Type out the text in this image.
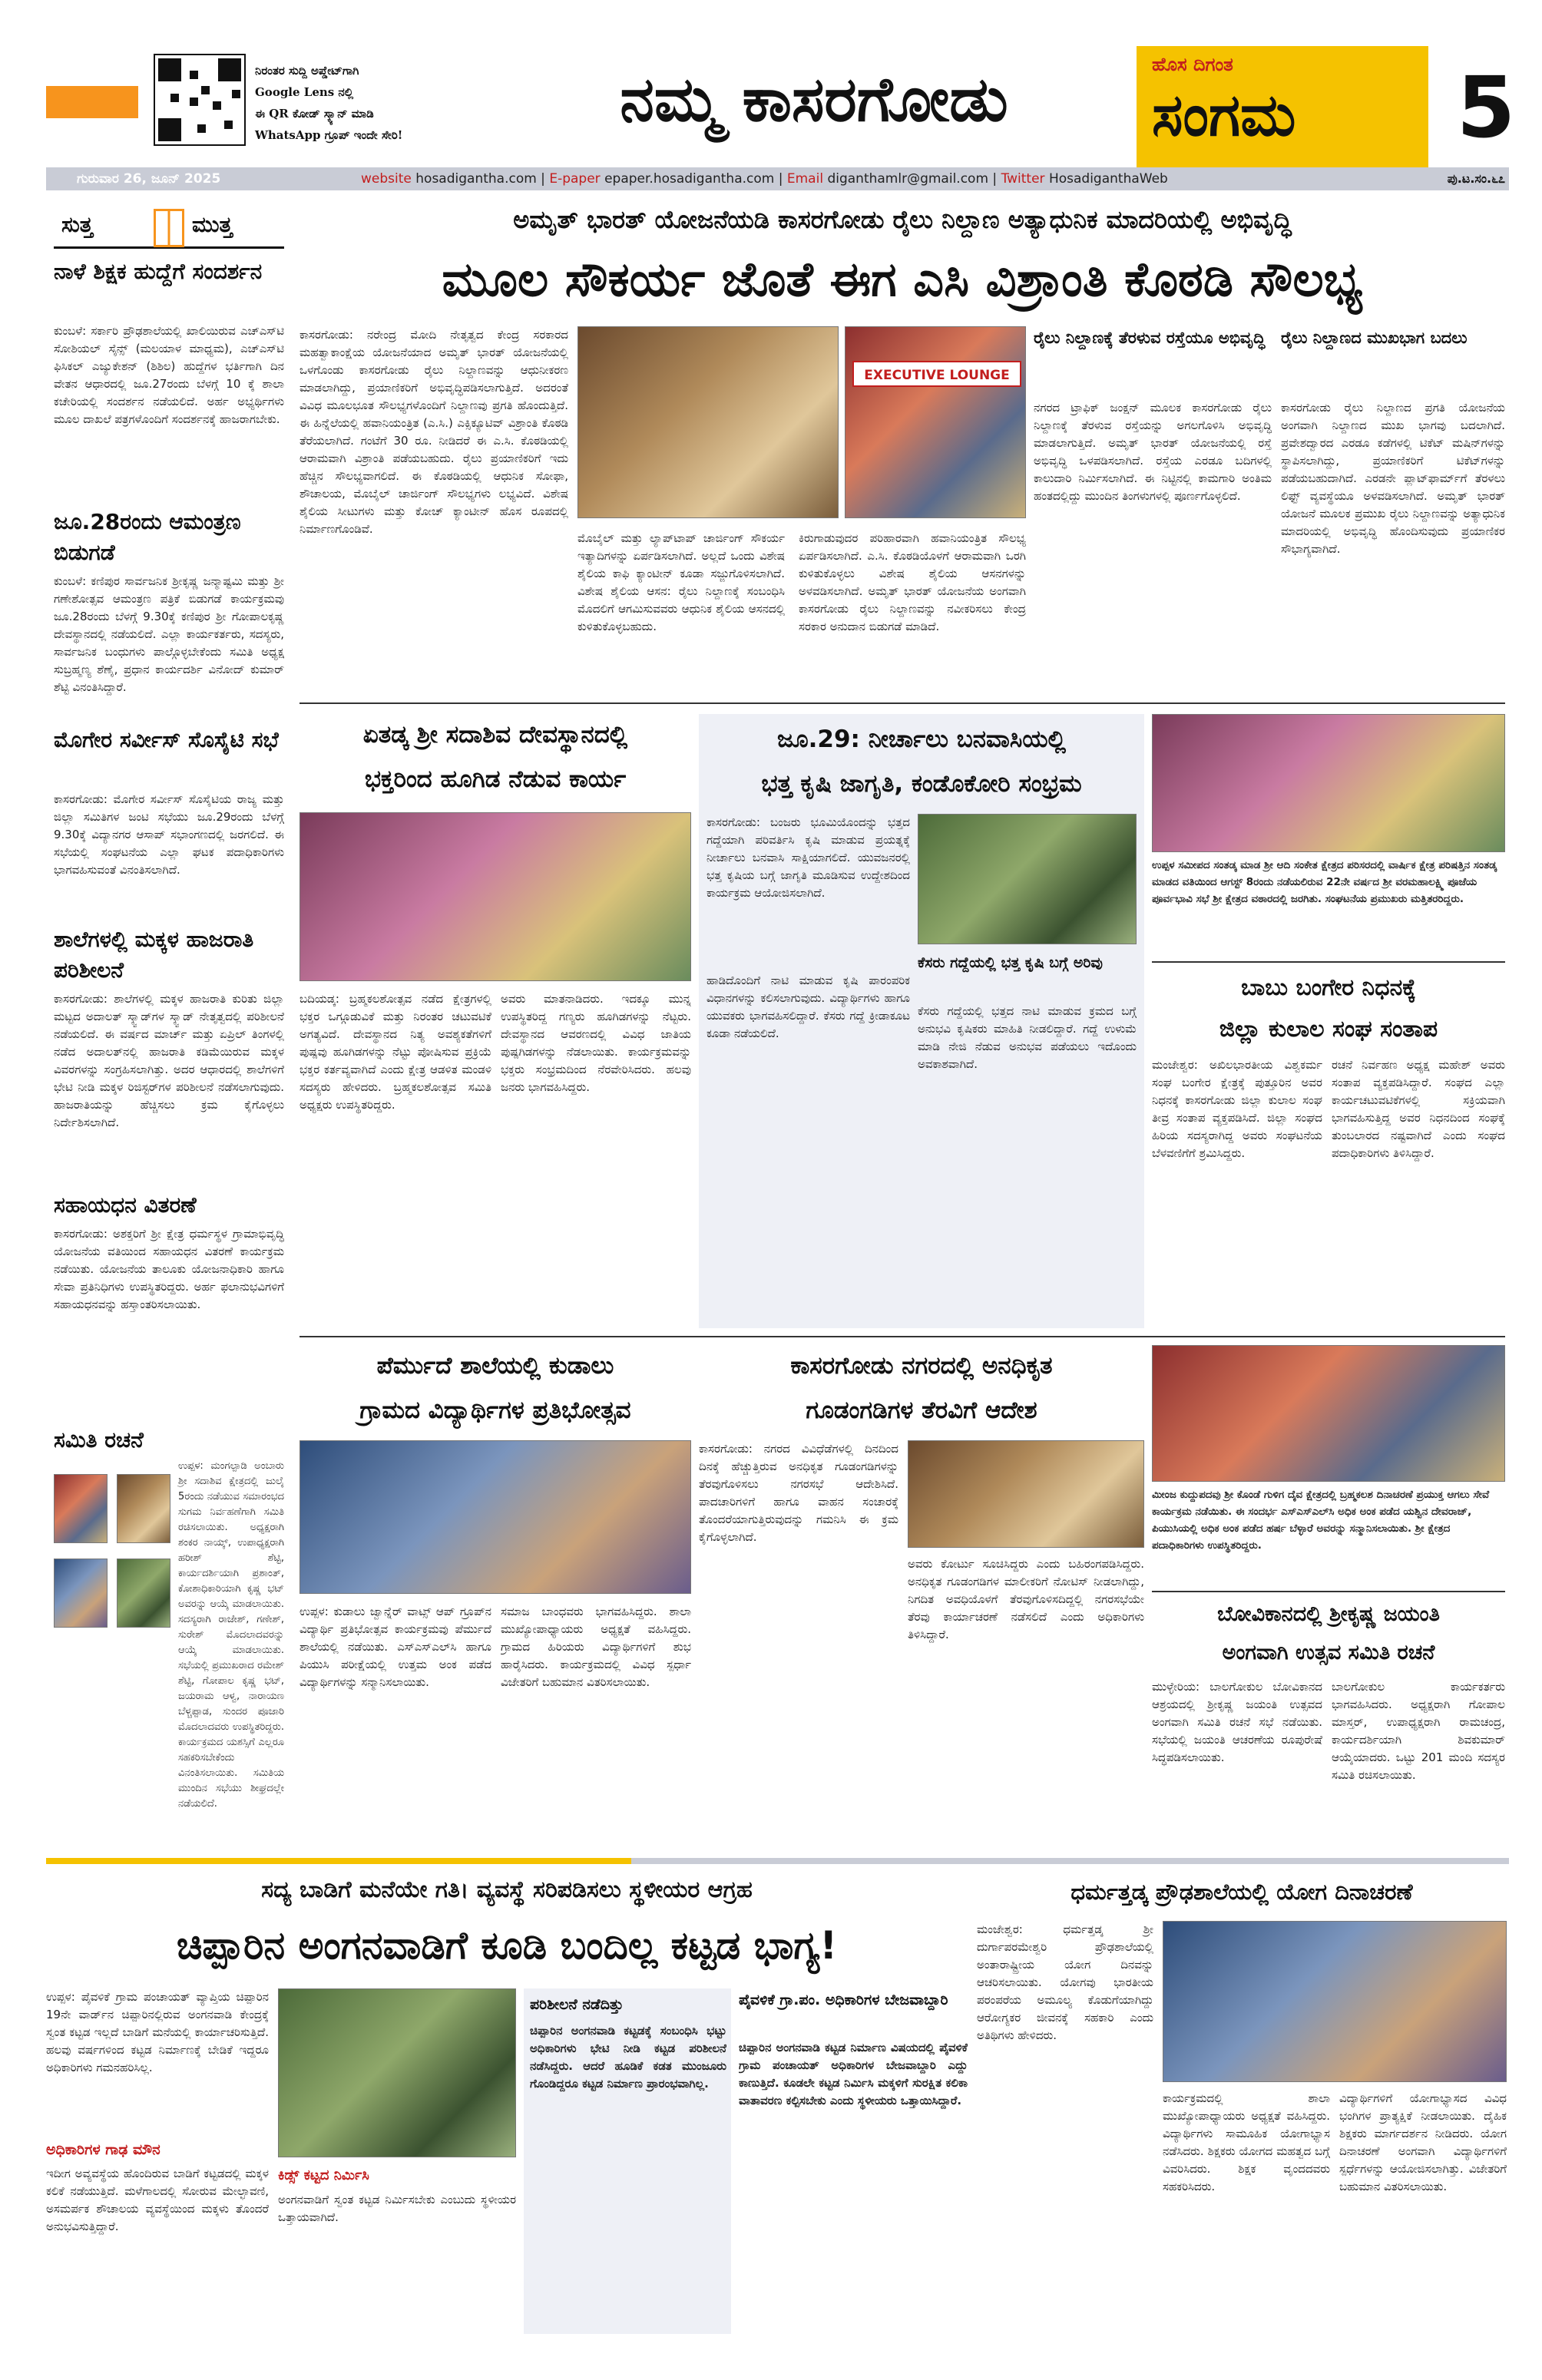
ನಿರಂತರ ಸುದ್ದಿ ಅಪ್ಡೇಟ್‌ಗಾಗಿ
Google Lens ನಲ್ಲಿ
ಈ QR ಕೋಡ್ ಸ್ಕ್ಯಾನ್ ಮಾಡಿ
WhatsApp ಗ್ರೂಪ್ ಇಂದೇ ಸೇರಿ!	ನಮ್ಮ ಕಾಸರಗೋಡು	ಹೊಸ ದಿಗಂತ
ಸಂಗಮ	5
ಗುರುವಾರ 26, ಜೂನ್ 2025	website hosadigantha.com | E-paper epaper.hosadigantha.com | Email diganthamlr@gmail.com | Twitter HosadiganthaWeb	ಪು.ಟ.ಸಂ.೬೭
ಸುತ್ತ	ಮುತ್ತ
ನಾಳೆ ಶಿಕ್ಷಕ ಹುದ್ದೆಗೆ ಸಂದರ್ಶನ
ಕುಂಬಳೆ: ಸರ್ಕಾರಿ ಪ್ರೌಢಶಾಲೆಯಲ್ಲಿ ಖಾಲಿಯಿರುವ ಎಚ್‌ಎಸ್‌ಟಿ ಸೋಶಿಯಲ್ ಸೈನ್ಸ್ (ಮಲಯಾಳ ಮಾಧ್ಯಮ), ಎಚ್‌ಎಸ್‌ಟಿ ಫಿಸಿಕಲ್ ಎಜ್ಯುಕೇಶನ್ (ಶಿಶಿಲ) ಹುದ್ದೆಗಳ ಭರ್ತಿಗಾಗಿ ದಿನ ವೇತನ ಆಧಾರದಲ್ಲಿ ಜೂ.27ರಂದು ಬೆಳಗ್ಗೆ 10 ಕ್ಕೆ ಶಾಲಾ ಕಚೇರಿಯಲ್ಲಿ ಸಂದರ್ಶನ ನಡೆಯಲಿದೆ. ಅರ್ಹ ಅಭ್ಯರ್ಥಿಗಳು ಮೂಲ ದಾಖಲೆ ಪತ್ರಗಳೊಂದಿಗೆ ಸಂದರ್ಶನಕ್ಕೆ ಹಾಜರಾಗಬೇಕು.
ಜೂ.28ರಂದು ಆಮಂತ್ರಣ ಬಿಡುಗಡೆ
ಕುಂಬಳೆ: ಕಣಿಪುರ ಸಾರ್ವಜನಿಕ ಶ್ರೀಕೃಷ್ಣ ಜನ್ಮಾಷ್ಟಮಿ ಮತ್ತು ಶ್ರೀ ಗಣೇಶೋತ್ಸವ ಆಮಂತ್ರಣ ಪತ್ರಿಕೆ ಬಿಡುಗಡೆ ಕಾರ್ಯಕ್ರಮವು ಜೂ.28ರಂದು ಬೆಳಗ್ಗೆ 9.30ಕ್ಕೆ ಕಣಿಪುರ ಶ್ರೀ ಗೋಪಾಲಕೃಷ್ಣ ದೇವಸ್ಥಾನದಲ್ಲಿ ನಡೆಯಲಿದೆ. ಎಲ್ಲಾ ಕಾರ್ಯಕರ್ತರು, ಸದಸ್ಯರು, ಸಾರ್ವಜನಿಕ ಬಂಧುಗಳು ಪಾಲ್ಗೊಳ್ಳಬೇಕೆಂದು ಸಮಿತಿ ಅಧ್ಯಕ್ಷ ಸುಬ್ರಹ್ಮಣ್ಯ ಶೆಣೈ, ಪ್ರಧಾನ ಕಾರ್ಯದರ್ಶಿ ವಿನೋದ್ ಕುಮಾರ್ ಶೆಟ್ಟಿ ವಿನಂತಿಸಿದ್ದಾರೆ.
ಮೊಗೇರ ಸರ್ವೀಸ್ ಸೊಸೈಟಿ ಸಭೆ
ಕಾಸರಗೋಡು: ಮೊಗೇರ ಸರ್ವೀಸ್ ಸೊಸೈಟಿಯ ರಾಜ್ಯ ಮತ್ತು ಜಿಲ್ಲಾ ಸಮಿತಿಗಳ ಜಂಟಿ ಸಭೆಯು ಜೂ.29ರಂದು ಬೆಳಗ್ಗೆ 9.30ಕ್ಕೆ ವಿದ್ಯಾನಗರ ಆಸಾಪ್ ಸಭಾಂಗಣದಲ್ಲಿ ಜರಗಲಿದೆ. ಈ ಸಭೆಯಲ್ಲಿ ಸಂಘಟನೆಯ ಎಲ್ಲಾ ಘಟಕ ಪದಾಧಿಕಾರಿಗಳು ಭಾಗವಹಿಸುವಂತೆ ವಿನಂತಿಸಲಾಗಿದೆ.
ಶಾಲೆಗಳಲ್ಲಿ ಮಕ್ಕಳ ಹಾಜರಾತಿ ಪರಿಶೀಲನೆ
ಕಾಸರಗೋಡು: ಶಾಲೆಗಳಲ್ಲಿ ಮಕ್ಕಳ ಹಾಜರಾತಿ ಕುರಿತು ಜಿಲ್ಲಾ ಮಟ್ಟದ ಅದಾಲತ್ ಸ್ಕ್ವಾಡ್‌ಗಳ ಸ್ಕ್ವಾಡ್ ನೇತೃತ್ವದಲ್ಲಿ ಪರಿಶೀಲನೆ ನಡೆಯಲಿದೆ. ಈ ವರ್ಷದ ಮಾರ್ಚ್ ಮತ್ತು ಏಪ್ರಿಲ್ ತಿಂಗಳಲ್ಲಿ ನಡೆದ ಅದಾಲತ್‌ನಲ್ಲಿ ಹಾಜರಾತಿ ಕಡಿಮೆಯಿರುವ ಮಕ್ಕಳ ವಿವರಗಳನ್ನು ಸಂಗ್ರಹಿಸಲಾಗಿತ್ತು. ಅದರ ಆಧಾರದಲ್ಲಿ ಶಾಲೆಗಳಿಗೆ ಭೇಟಿ ನೀಡಿ ಮಕ್ಕಳ ರಿಜಿಸ್ಟರ್‌ಗಳ ಪರಿಶೀಲನೆ ನಡೆಸಲಾಗುವುದು. ಹಾಜರಾತಿಯನ್ನು ಹೆಚ್ಚಿಸಲು ಕ್ರಮ ಕೈಗೊಳ್ಳಲು ನಿರ್ದೇಶಿಸಲಾಗಿದೆ.
ಸಹಾಯಧನ ವಿತರಣೆ
ಕಾಸರಗೋಡು: ಅಶಕ್ತರಿಗೆ ಶ್ರೀ ಕ್ಷೇತ್ರ ಧರ್ಮಸ್ಥಳ ಗ್ರಾಮಾಭಿವೃದ್ಧಿ ಯೋಜನೆಯ ವತಿಯಿಂದ ಸಹಾಯಧನ ವಿತರಣೆ ಕಾರ್ಯಕ್ರಮ ನಡೆಯಿತು. ಯೋಜನೆಯ ತಾಲೂಕು ಯೋಜನಾಧಿಕಾರಿ ಹಾಗೂ ಸೇವಾ ಪ್ರತಿನಿಧಿಗಳು ಉಪಸ್ಥಿತರಿದ್ದರು. ಅರ್ಹ ಫಲಾನುಭವಿಗಳಿಗೆ ಸಹಾಯಧನವನ್ನು ಹಸ್ತಾಂತರಿಸಲಾಯಿತು.
ಸಮಿತಿ ರಚನೆ
ಉಪ್ಪಳ: ಮಂಗಲ್ಪಾಡಿ ಅಂಬಾರು ಶ್ರೀ ಸದಾಶಿವ ಕ್ಷೇತ್ರದಲ್ಲಿ ಜುಲೈ 5ರಂದು ನಡೆಯುವ ಸಮಾರಂಭದ ಸುಗಮ ನಿರ್ವಹಣೆಗಾಗಿ ಸಮಿತಿ ರಚಿಸಲಾಯಿತು. ಅಧ್ಯಕ್ಷರಾಗಿ ಶಂಕರ ನಾಯ್ಕ್, ಉಪಾಧ್ಯಕ್ಷರಾಗಿ ಹರೀಶ್ ಶೆಟ್ಟಿ, ಕಾರ್ಯದರ್ಶಿಯಾಗಿ ಪ್ರಶಾಂತ್, ಕೋಶಾಧಿಕಾರಿಯಾಗಿ ಕೃಷ್ಣ ಭಟ್ ಅವರನ್ನು ಆಯ್ಕೆ ಮಾಡಲಾಯಿತು. ಸದಸ್ಯರಾಗಿ ರಾಜೇಶ್, ಗಣೇಶ್, ಸುರೇಶ್ ಮೊದಲಾದವರನ್ನು ಆಯ್ಕೆ ಮಾಡಲಾಯಿತು. ಸಭೆಯಲ್ಲಿ ಪ್ರಮುಖರಾದ ರಮೇಶ್ ಶೆಟ್ಟಿ, ಗೋಪಾಲ ಕೃಷ್ಣ ಭಟ್, ಜಯರಾಮ ಆಳ್ವ, ನಾರಾಯಣ ಬೆಳ್ಚಪ್ಪಾಡ, ಸುಂದರ ಪೂಜಾರಿ ಮೊದಲಾದವರು ಉಪಸ್ಥಿತರಿದ್ದರು. ಕಾರ್ಯಕ್ರಮದ ಯಶಸ್ಸಿಗೆ ಎಲ್ಲರೂ ಸಹಕರಿಸಬೇಕೆಂದು ವಿನಂತಿಸಲಾಯಿತು. ಸಮಿತಿಯ ಮುಂದಿನ ಸಭೆಯು ಶೀಘ್ರದಲ್ಲೇ ನಡೆಯಲಿದೆ.
ಅಮೃತ್ ಭಾರತ್ ಯೋಜನೆಯಡಿ ಕಾಸರಗೋಡು ರೈಲು ನಿಲ್ದಾಣ ಅತ್ಯಾಧುನಿಕ ಮಾದರಿಯಲ್ಲಿ ಅಭಿವೃದ್ಧಿ
ಮೂಲ ಸೌಕರ್ಯ ಜೊತೆ ಈಗ ಎಸಿ ವಿಶ್ರಾಂತಿ ಕೊಠಡಿ ಸೌಲಭ್ಯ
ಕಾಸರಗೋಡು: ನರೇಂದ್ರ ಮೋದಿ ನೇತೃತ್ವದ ಕೇಂದ್ರ ಸರಕಾರದ ಮಹತ್ವಾಕಾಂಕ್ಷೆಯ ಯೋಜನೆಯಾದ ಅಮೃತ್ ಭಾರತ್ ಯೋಜನೆಯಲ್ಲಿ ಒಳಗೊಂಡು ಕಾಸರಗೋಡು ರೈಲು ನಿಲ್ದಾಣವನ್ನು ಆಧುನೀಕರಣ ಮಾಡಲಾಗಿದ್ದು, ಪ್ರಯಾಣಿಕರಿಗೆ ಅಭಿವೃದ್ಧಿಪಡಿಸಲಾಗುತ್ತಿದೆ. ಅದರಂತೆ ವಿವಿಧ ಮೂಲಭೂತ ಸೌಲಭ್ಯಗಳೊಂದಿಗೆ ನಿಲ್ದಾಣವು ಪ್ರಗತಿ ಹೊಂದುತ್ತಿದೆ. ಈ ಹಿನ್ನೆಲೆಯಲ್ಲಿ ಹವಾನಿಯಂತ್ರಿತ (ಎ.ಸಿ.) ಎಕ್ಸಿಕ್ಯೂಟಿವ್ ವಿಶ್ರಾಂತಿ ಕೊಠಡಿ ತೆರೆಯಲಾಗಿದೆ. ಗಂಟೆಗೆ 30 ರೂ. ನೀಡಿದರೆ ಈ ಎ.ಸಿ. ಕೊಠಡಿಯಲ್ಲಿ ಆರಾಮವಾಗಿ ವಿಶ್ರಾಂತಿ ಪಡೆಯಬಹುದು. ರೈಲು ಪ್ರಯಾಣಿಕರಿಗೆ ಇದು ಹೆಚ್ಚಿನ ಸೌಲಭ್ಯವಾಗಲಿದೆ. ಈ ಕೊಠಡಿಯಲ್ಲಿ ಆಧುನಿಕ ಸೋಫಾ, ಶೌಚಾಲಯ, ಮೊಬೈಲ್ ಚಾರ್ಜಿಂಗ್ ಸೌಲಭ್ಯಗಳು ಲಭ್ಯವಿದೆ. ವಿಶೇಷ ಶೈಲಿಯ ಸೀಟುಗಳು ಮತ್ತು ಕೋಚ್ ಕ್ಯಾಂಟೀನ್ ಹೊಸ ರೂಪದಲ್ಲಿ ನಿರ್ಮಾಣಗೊಂಡಿವೆ.
EXECUTIVE LOUNGE
ಮೊಬೈಲ್ ಮತ್ತು ಲ್ಯಾಪ್‌ಟಾಪ್ ಚಾರ್ಜಿಂಗ್ ಸೌಕರ್ಯ ಇತ್ಯಾದಿಗಳನ್ನು ಏರ್ಪಡಿಸಲಾಗಿದೆ. ಅಲ್ಲದೆ ಒಂದು ವಿಶೇಷ ಶೈಲಿಯ ಕಾಫಿ ಕ್ಯಾಂಟೀನ್ ಕೂಡಾ ಸಜ್ಜುಗೊಳಿಸಲಾಗಿದೆ. ವಿಶೇಷ ಶೈಲಿಯ ಆಸನ: ರೈಲು ನಿಲ್ದಾಣಕ್ಕೆ ಸಂಬಂಧಿಸಿ ಮೊದಲಿಗೆ ಆಗಮಿಸುವವರು ಆಧುನಿಕ ಶೈಲಿಯ ಆಸನದಲ್ಲಿ ಕುಳಿತುಕೊಳ್ಳಬಹುದು.
ಕಿರುಗಾಡುವುದರ ಪರಿಹಾರವಾಗಿ ಹವಾನಿಯಂತ್ರಿತ ಸೌಲಭ್ಯ ಏರ್ಪಡಿಸಲಾಗಿದೆ. ಎ.ಸಿ. ಕೊಠಡಿಯೊಳಗೆ ಆರಾಮವಾಗಿ ಒರಗಿ ಕುಳಿತುಕೊಳ್ಳಲು ವಿಶೇಷ ಶೈಲಿಯ ಆಸನಗಳನ್ನು ಅಳವಡಿಸಲಾಗಿದೆ. ಅಮೃತ್ ಭಾರತ್ ಯೋಜನೆಯ ಅಂಗವಾಗಿ ಕಾಸರಗೋಡು ರೈಲು ನಿಲ್ದಾಣವನ್ನು ನವೀಕರಿಸಲು ಕೇಂದ್ರ ಸರಕಾರ ಅನುದಾನ ಬಿಡುಗಡೆ ಮಾಡಿದೆ.
ರೈಲು ನಿಲ್ದಾಣಕ್ಕೆ ತೆರಳುವ ರಸ್ತೆಯೂ ಅಭಿವೃದ್ಧಿ
ನಗರದ ಟ್ರಾಫಿಕ್ ಜಂಕ್ಷನ್ ಮೂಲಕ ಕಾಸರಗೋಡು ರೈಲು ನಿಲ್ದಾಣಕ್ಕೆ ತೆರಳುವ ರಸ್ತೆಯನ್ನು ಅಗಲಗೊಳಿಸಿ ಅಭಿವೃದ್ಧಿ ಮಾಡಲಾಗುತ್ತಿದೆ. ಅಮೃತ್ ಭಾರತ್ ಯೋಜನೆಯಲ್ಲಿ ರಸ್ತೆ ಅಭಿವೃದ್ಧಿ ಒಳಪಡಿಸಲಾಗಿದೆ. ರಸ್ತೆಯ ಎರಡೂ ಬದಿಗಳಲ್ಲಿ ಕಾಲುದಾರಿ ನಿರ್ಮಿಸಲಾಗಿದೆ. ಈ ನಿಟ್ಟಿನಲ್ಲಿ ಕಾಮಗಾರಿ ಅಂತಿಮ ಹಂತದಲ್ಲಿದ್ದು ಮುಂದಿನ ತಿಂಗಳುಗಳಲ್ಲಿ ಪೂರ್ಣಗೊಳ್ಳಲಿದೆ.
ರೈಲು ನಿಲ್ದಾಣದ ಮುಖಭಾಗ ಬದಲು
ಕಾಸರಗೋಡು ರೈಲು ನಿಲ್ದಾಣದ ಪ್ರಗತಿ ಯೋಜನೆಯ ಅಂಗವಾಗಿ ನಿಲ್ದಾಣದ ಮುಖ ಭಾಗವು ಬದಲಾಗಿದೆ. ಪ್ರವೇಶದ್ವಾರದ ಎರಡೂ ಕಡೆಗಳಲ್ಲಿ ಟಿಕೆಟ್ ಮಷಿನ್‌ಗಳನ್ನು ಸ್ಥಾಪಿಸಲಾಗಿದ್ದು, ಪ್ರಯಾಣಿಕರಿಗೆ ಟಿಕೆಟ್‌ಗಳನ್ನು ಪಡೆಯಬಹುದಾಗಿದೆ. ಎರಡನೇ ಪ್ಲಾಟ್‌ಫಾರ್ಮ್‌ಗೆ ತೆರಳಲು ಲಿಫ್ಟ್ ವ್ಯವಸ್ಥೆಯೂ ಅಳವಡಿಸಲಾಗಿದೆ. ಅಮೃತ್ ಭಾರತ್ ಯೋಜನೆ ಮೂಲಕ ಪ್ರಮುಖ ರೈಲು ನಿಲ್ದಾಣವನ್ನು ಅತ್ಯಾಧುನಿಕ ಮಾದರಿಯಲ್ಲಿ ಅಭಿವೃದ್ಧಿ ಹೊಂದಿಸುವುದು ಪ್ರಯಾಣಿಕರ ಸೌಭಾಗ್ಯವಾಗಿದೆ.
ಏತಡ್ಕ ಶ್ರೀ ಸದಾಶಿವ ದೇವಸ್ಥಾನದಲ್ಲಿ
ಭಕ್ತರಿಂದ ಹೂಗಿಡ ನೆಡುವ ಕಾರ್ಯ
ಬದಿಯಡ್ಕ: ಬ್ರಹ್ಮಕಲಶೋತ್ಸವ ನಡೆದ ಕ್ಷೇತ್ರಗಳಲ್ಲಿ ಭಕ್ತರ ಒಗ್ಗೂಡುವಿಕೆ ಮತ್ತು ನಿರಂತರ ಚಟುವಟಿಕೆ ಅಗತ್ಯವಿದೆ. ದೇವಸ್ಥಾನದ ನಿತ್ಯ ಅವಶ್ಯಕತೆಗಳಿಗೆ ಪುಷ್ಪವು ಹೂಗಿಡಗಳನ್ನು ನೆಟ್ಟು ಪೋಷಿಸುವ ಪ್ರಕ್ರಿಯೆ ಭಕ್ತರ ಕರ್ತವ್ಯವಾಗಿದೆ ಎಂದು ಕ್ಷೇತ್ರ ಆಡಳಿತ ಮಂಡಳಿ ಸದಸ್ಯರು ಹೇಳಿದರು. ಬ್ರಹ್ಮಕಲಶೋತ್ಸವ ಸಮಿತಿ ಅಧ್ಯಕ್ಷರು ಉಪಸ್ಥಿತರಿದ್ದರು.
ಅವರು ಮಾತನಾಡಿದರು. ಇದಕ್ಕೂ ಮುನ್ನ ಉಪಸ್ಥಿತರಿದ್ದ ಗಣ್ಯರು ಹೂಗಿಡಗಳನ್ನು ನೆಟ್ಟರು. ದೇವಸ್ಥಾನದ ಆವರಣದಲ್ಲಿ ವಿವಿಧ ಜಾತಿಯ ಪುಷ್ಪಗಿಡಗಳನ್ನು ನೆಡಲಾಯಿತು. ಕಾರ್ಯಕ್ರಮವನ್ನು ಭಕ್ತರು ಸಂಭ್ರಮದಿಂದ ನೆರವೇರಿಸಿದರು. ಹಲವು ಜನರು ಭಾಗವಹಿಸಿದ್ದರು.
ಜೂ.29: ನೀರ್ಚಾಲು ಬನವಾಸಿಯಲ್ಲಿ
ಭತ್ತ ಕೃಷಿ ಜಾಗೃತಿ, ಕಂಡೊಕೋರಿ ಸಂಭ್ರಮ
ಕಾಸರಗೋಡು: ಬಂಜರು ಭೂಮಿಯೊಂದನ್ನು ಭತ್ತದ ಗದ್ದೆಯಾಗಿ ಪರಿವರ್ತಿಸಿ ಕೃಷಿ ಮಾಡುವ ಪ್ರಯತ್ನಕ್ಕೆ ನೀರ್ಚಾಲು ಬನವಾಸಿ ಸಾಕ್ಷಿಯಾಗಲಿದೆ. ಯುವಜನರಲ್ಲಿ ಭತ್ತ ಕೃಷಿಯ ಬಗ್ಗೆ ಜಾಗೃತಿ ಮೂಡಿಸುವ ಉದ್ದೇಶದಿಂದ ಕಾರ್ಯಕ್ರಮ ಆಯೋಜಿಸಲಾಗಿದೆ.
ಹಾಡಿದೊಂದಿಗೆ ನಾಟಿ ಮಾಡುವ ಕೃಷಿ ಪಾರಂಪರಿಕ ವಿಧಾನಗಳನ್ನು ಕಲಿಸಲಾಗುವುದು. ವಿದ್ಯಾರ್ಥಿಗಳು ಹಾಗೂ ಯುವಕರು ಭಾಗವಹಿಸಲಿದ್ದಾರೆ. ಕೆಸರು ಗದ್ದೆ ಕ್ರೀಡಾಕೂಟ ಕೂಡಾ ನಡೆಯಲಿದೆ.
ಕೆಸರು ಗದ್ದೆಯಲ್ಲಿ ಭತ್ತ ಕೃಷಿ ಬಗ್ಗೆ ಅರಿವು
ಕೆಸರು ಗದ್ದೆಯಲ್ಲಿ ಭತ್ತದ ನಾಟಿ ಮಾಡುವ ಕ್ರಮದ ಬಗ್ಗೆ ಅನುಭವಿ ಕೃಷಿಕರು ಮಾಹಿತಿ ನೀಡಲಿದ್ದಾರೆ. ಗದ್ದೆ ಉಳುಮೆ ಮಾಡಿ ನೇಜಿ ನೆಡುವ ಅನುಭವ ಪಡೆಯಲು ಇದೊಂದು ಅವಕಾಶವಾಗಿದೆ.
ಉಪ್ಪಳ ಸಮೀಪದ ಸಂತಡ್ಕ ಮಾಡ ಶ್ರೀ ಆದಿ ಸಂಕೇತ ಕ್ಷೇತ್ರದ ಪರಿಸರದಲ್ಲಿ ವಾರ್ಷಿಕ ಕ್ಷೇತ್ರ ಪರಿಷತ್ತಿನ ಸಂತಡ್ಕ ಮಾಡದ ವತಿಯಿಂದ ಆಗಸ್ಟ್ 8ರಂದು ನಡೆಯಲಿರುವ 22ನೇ ವರ್ಷದ ಶ್ರೀ ವರಮಹಾಲಕ್ಷ್ಮಿ ಪೂಜೆಯ ಪೂರ್ವಭಾವಿ ಸಭೆ ಶ್ರೀ ಕ್ಷೇತ್ರದ ವಠಾರದಲ್ಲಿ ಜರಗಿತು. ಸಂಘಟನೆಯ ಪ್ರಮುಖರು ಮತ್ತಿತರರಿದ್ದರು.
ಬಾಬು ಬಂಗೇರ ನಿಧನಕ್ಕೆ
ಜಿಲ್ಲಾ ಕುಲಾಲ ಸಂಘ ಸಂತಾಪ
ಮಂಜೇಶ್ವರ: ಅಖಿಲಭಾರತೀಯ ವಿಶ್ವಕರ್ಮ ಸಂಘ ಬಂಗೇರ ಕ್ಷೇತ್ರಕ್ಕೆ ಪುತ್ತೂರಿನ ಅವರ ನಿಧನಕ್ಕೆ ಕಾಸರಗೋಡು ಜಿಲ್ಲಾ ಕುಲಾಲ ಸಂಘ ತೀವ್ರ ಸಂತಾಪ ವ್ಯಕ್ತಪಡಿಸಿದೆ. ಜಿಲ್ಲಾ ಸಂಘದ ಹಿರಿಯ ಸದಸ್ಯರಾಗಿದ್ದ ಅವರು ಸಂಘಟನೆಯ ಬೆಳವಣಿಗೆಗೆ ಶ್ರಮಿಸಿದ್ದರು.
ರಚನೆ ನಿರ್ವಹಣ ಅಧ್ಯಕ್ಷ ಮಹೇಶ್ ಅವರು ಸಂತಾಪ ವ್ಯಕ್ತಪಡಿಸಿದ್ದಾರೆ. ಸಂಘದ ಎಲ್ಲಾ ಕಾರ್ಯಚಟುವಟಿಕೆಗಳಲ್ಲಿ ಸಕ್ರಿಯವಾಗಿ ಭಾಗವಹಿಸುತ್ತಿದ್ದ ಅವರ ನಿಧನದಿಂದ ಸಂಘಕ್ಕೆ ತುಂಬಲಾರದ ನಷ್ಟವಾಗಿದೆ ಎಂದು ಸಂಘದ ಪದಾಧಿಕಾರಿಗಳು ತಿಳಿಸಿದ್ದಾರೆ.
ಪೆರ್ಮುದೆ ಶಾಲೆಯಲ್ಲಿ ಕುಡಾಲು
ಗ್ರಾಮದ ವಿದ್ಯಾರ್ಥಿಗಳ ಪ್ರತಿಭೋತ್ಸವ
ಉಪ್ಪಳ: ಕುಡಾಲು ಜ್ವಾನ್ನೆರ್ ವಾಟ್ಸ್ ಆಪ್ ಗ್ರೂಪ್‌ನ ವಿದ್ಯಾರ್ಥಿ ಪ್ರತಿಭೋತ್ಸವ ಕಾರ್ಯಕ್ರಮವು ಪೆರ್ಮುದೆ ಶಾಲೆಯಲ್ಲಿ ನಡೆಯಿತು. ಎಸ್ಎಸ್ಎಲ್‌ಸಿ ಹಾಗೂ ಪಿಯುಸಿ ಪರೀಕ್ಷೆಯಲ್ಲಿ ಉತ್ತಮ ಅಂಕ ಪಡೆದ ವಿದ್ಯಾರ್ಥಿಗಳನ್ನು ಸನ್ಮಾನಿಸಲಾಯಿತು.
ಸಮಾಜ ಬಾಂಧವರು ಭಾಗವಹಿಸಿದ್ದರು. ಶಾಲಾ ಮುಖ್ಯೋಪಾಧ್ಯಾಯರು ಅಧ್ಯಕ್ಷತೆ ವಹಿಸಿದ್ದರು. ಗ್ರಾಮದ ಹಿರಿಯರು ವಿದ್ಯಾರ್ಥಿಗಳಿಗೆ ಶುಭ ಹಾರೈಸಿದರು. ಕಾರ್ಯಕ್ರಮದಲ್ಲಿ ವಿವಿಧ ಸ್ಪರ್ಧಾ ವಿಜೇತರಿಗೆ ಬಹುಮಾನ ವಿತರಿಸಲಾಯಿತು.
ಕಾಸರಗೋಡು ನಗರದಲ್ಲಿ ಅನಧಿಕೃತ
ಗೂಡಂಗಡಿಗಳ ತೆರವಿಗೆ ಆದೇಶ
ಕಾಸರಗೋಡು: ನಗರದ ವಿವಿಧೆಡೆಗಳಲ್ಲಿ ದಿನದಿಂದ ದಿನಕ್ಕೆ ಹೆಚ್ಚುತ್ತಿರುವ ಅನಧಿಕೃತ ಗೂಡಂಗಡಿಗಳನ್ನು ತೆರವುಗೊಳಿಸಲು ನಗರಸಭೆ ಆದೇಶಿಸಿದೆ. ಪಾದಚಾರಿಗಳಿಗೆ ಹಾಗೂ ವಾಹನ ಸಂಚಾರಕ್ಕೆ ತೊಂದರೆಯಾಗುತ್ತಿರುವುದನ್ನು ಗಮನಿಸಿ ಈ ಕ್ರಮ ಕೈಗೊಳ್ಳಲಾಗಿದೆ.
ಅವರು ಕೋರ್ಟು ಸೂಚಿಸಿದ್ದರು ಎಂದು ಬಹಿರಂಗಪಡಿಸಿದ್ದರು. ಅನಧಿಕೃತ ಗೂಡಂಗಡಿಗಳ ಮಾಲೀಕರಿಗೆ ನೋಟಿಸ್ ನೀಡಲಾಗಿದ್ದು, ನಿಗದಿತ ಅವಧಿಯೊಳಗೆ ತೆರವುಗೊಳಿಸದಿದ್ದಲ್ಲಿ ನಗರಸಭೆಯೇ ತೆರವು ಕಾರ್ಯಾಚರಣೆ ನಡೆಸಲಿದೆ ಎಂದು ಅಧಿಕಾರಿಗಳು ತಿಳಿಸಿದ್ದಾರೆ.
ಮೀಂಜ ಕುದ್ದುಪದವು ಶ್ರೀ ಕೊಂಡೆ ಗುಳಿಗ ದೈವ ಕ್ಷೇತ್ರದಲ್ಲಿ ಬ್ರಹ್ಮಕಲಶ ದಿನಾಚರಣೆ ಪ್ರಯುಕ್ತ ಆಗಲು ಸೇವೆ ಕಾರ್ಯಕ್ರಮ ನಡೆಯಿತು. ಈ ಸಂದರ್ಭ ಎಸ್‌ಎಸ್‌ಎಲ್‌ಸಿ ಅಧಿಕ ಅಂಕ ಪಡೆದ ಯಶ್ವಿನ ದೇವರಾಜ್, ಪಿಯುಸಿಯಲ್ಲಿ ಅಧಿಕ ಅಂಕ ಪಡೆದ ಹರ್ಷ ಬೆಳ್ಳಾರೆ ಅವರನ್ನು ಸನ್ಮಾನಿಸಲಾಯಿತು. ಶ್ರೀ ಕ್ಷೇತ್ರದ ಪದಾಧಿಕಾರಿಗಳು ಉಪಸ್ಥಿತರಿದ್ದರು.
ಬೋವಿಕಾನದಲ್ಲಿ ಶ್ರೀಕೃಷ್ಣ ಜಯಂತಿ
ಅಂಗವಾಗಿ ಉತ್ಸವ ಸಮಿತಿ ರಚನೆ
ಮುಳ್ಳೇರಿಯ: ಬಾಲಗೋಕುಲ ಬೋವಿಕಾನದ ಆಶ್ರಯದಲ್ಲಿ ಶ್ರೀಕೃಷ್ಣ ಜಯಂತಿ ಉತ್ಸವದ ಅಂಗವಾಗಿ ಸಮಿತಿ ರಚನೆ ಸಭೆ ನಡೆಯಿತು. ಸಭೆಯಲ್ಲಿ ಜಯಂತಿ ಆಚರಣೆಯ ರೂಪುರೇಷೆ ಸಿದ್ಧಪಡಿಸಲಾಯಿತು.
ಬಾಲಗೋಕುಲ ಕಾರ್ಯಕರ್ತರು ಭಾಗವಹಿಸಿದರು. ಅಧ್ಯಕ್ಷರಾಗಿ ಗೋಪಾಲ ಮಾಸ್ತರ್, ಉಪಾಧ್ಯಕ್ಷರಾಗಿ ರಾಮಚಂದ್ರ, ಕಾರ್ಯದರ್ಶಿಯಾಗಿ ಶಿವಕುಮಾರ್ ಆಯ್ಕೆಯಾದರು. ಒಟ್ಟು 201 ಮಂದಿ ಸದಸ್ಯರ ಸಮಿತಿ ರಚಿಸಲಾಯಿತು.
ಸದ್ಯ ಬಾಡಿಗೆ ಮನೆಯೇ ಗತಿ। ವ್ಯವಸ್ಥೆ ಸರಿಪಡಿಸಲು ಸ್ಥಳೀಯರ ಆಗ್ರಹ
ಚಿಪ್ಪಾರಿನ ಅಂಗನವಾಡಿಗೆ ಕೂಡಿ ಬಂದಿಲ್ಲ ಕಟ್ಟಡ ಭಾಗ್ಯ!
ಉಪ್ಪಳ: ಪೈವಳಿಕೆ ಗ್ರಾಮ ಪಂಚಾಯತ್ ವ್ಯಾಪ್ತಿಯ ಚಿಪ್ಪಾರಿನ 19ನೇ ವಾರ್ಡ್‌ನ ಚಿಪ್ಪಾರಿನಲ್ಲಿರುವ ಅಂಗನವಾಡಿ ಕೇಂದ್ರಕ್ಕೆ ಸ್ವಂತ ಕಟ್ಟಡ ಇಲ್ಲದೆ ಬಾಡಿಗೆ ಮನೆಯಲ್ಲಿ ಕಾರ್ಯಾಚರಿಸುತ್ತಿದೆ. ಹಲವು ವರ್ಷಗಳಿಂದ ಕಟ್ಟಡ ನಿರ್ಮಾಣಕ್ಕೆ ಬೇಡಿಕೆ ಇದ್ದರೂ ಅಧಿಕಾರಿಗಳು ಗಮನಹರಿಸಿಲ್ಲ.
ಅಧಿಕಾರಿಗಳ ಗಾಢ ಮೌನ
ಇದೀಗ ಅವ್ಯವಸ್ಥೆಯ ಹೊಂದಿರುವ ಬಾಡಿಗೆ ಕಟ್ಟಡದಲ್ಲಿ ಮಕ್ಕಳ ಕಲಿಕೆ ನಡೆಯುತ್ತಿದೆ. ಮಳೆಗಾಲದಲ್ಲಿ ಸೋರುವ ಮೇಲ್ಛಾವಣಿ, ಅಸಮರ್ಪಕ ಶೌಚಾಲಯ ವ್ಯವಸ್ಥೆಯಿಂದ ಮಕ್ಕಳು ತೊಂದರೆ ಅನುಭವಿಸುತ್ತಿದ್ದಾರೆ.
ಕಿಡ್ಸ್ ಕಟ್ಟದ ನಿರ್ಮಿಸಿ
ಅಂಗನವಾಡಿಗೆ ಸ್ವಂತ ಕಟ್ಟಡ ನಿರ್ಮಿಸಬೇಕು ಎಂಬುದು ಸ್ಥಳೀಯರ ಒತ್ತಾಯವಾಗಿದೆ.
ಪರಿಶೀಲನೆ ನಡೆದಿತ್ತು
ಚಿಪ್ಪಾರಿನ ಅಂಗನವಾಡಿ ಕಟ್ಟಡಕ್ಕೆ ಸಂಬಂಧಿಸಿ ಭಟ್ಟು ಅಧಿಕಾರಿಗಳು ಭೇಟಿ ನೀಡಿ ಕಟ್ಟಡ ಪರಿಶೀಲನೆ ನಡೆಸಿದ್ದರು. ಆದರೆ ಹೂಡಿಕೆ ಕಡತ ಮುಂಜೂರು ಗೊಂಡಿದ್ದರೂ ಕಟ್ಟಡ ನಿರ್ಮಾಣ ಪ್ರಾರಂಭವಾಗಿಲ್ಲ.
ಪೈವಳಿಕೆ ಗ್ರಾ.ಪಂ. ಅಧಿಕಾರಿಗಳ ಬೇಜವಾಬ್ದಾರಿ
ಚಿಪ್ಪಾರಿನ ಅಂಗನವಾಡಿ ಕಟ್ಟಡ ನಿರ್ಮಾಣ ವಿಷಯದಲ್ಲಿ ಪೈವಳಿಕೆ ಗ್ರಾಮ ಪಂಚಾಯತ್ ಅಧಿಕಾರಿಗಳ ಬೇಜವಾಬ್ದಾರಿ ಎದ್ದು ಕಾಣುತ್ತಿದೆ. ಕೂಡಲೇ ಕಟ್ಟಡ ನಿರ್ಮಿಸಿ ಮಕ್ಕಳಿಗೆ ಸುರಕ್ಷಿತ ಕಲಿಕಾ ವಾತಾವರಣ ಕಲ್ಪಿಸಬೇಕು ಎಂದು ಸ್ಥಳೀಯರು ಒತ್ತಾಯಿಸಿದ್ದಾರೆ.
ಧರ್ಮತ್ತಡ್ಕ ಪ್ರೌಢಶಾಲೆಯಲ್ಲಿ ಯೋಗ ದಿನಾಚರಣೆ
ಮಂಜೇಶ್ವರ: ಧರ್ಮತ್ತಡ್ಕ ಶ್ರೀ ದುರ್ಗಾಪರಮೇಶ್ವರಿ ಪ್ರೌಢಶಾಲೆಯಲ್ಲಿ ಅಂತಾರಾಷ್ಟ್ರೀಯ ಯೋಗ ದಿನವನ್ನು ಆಚರಿಸಲಾಯಿತು. ಯೋಗವು ಭಾರತೀಯ ಪರಂಪರೆಯ ಅಮೂಲ್ಯ ಕೊಡುಗೆಯಾಗಿದ್ದು ಆರೋಗ್ಯಕರ ಜೀವನಕ್ಕೆ ಸಹಕಾರಿ ಎಂದು ಅತಿಥಿಗಳು ಹೇಳಿದರು.
ಕಾರ್ಯಕ್ರಮದಲ್ಲಿ ಶಾಲಾ ಮುಖ್ಯೋಪಾಧ್ಯಾಯರು ಅಧ್ಯಕ್ಷತೆ ವಹಿಸಿದ್ದರು. ವಿದ್ಯಾರ್ಥಿಗಳು ಸಾಮೂಹಿಕ ಯೋಗಾಭ್ಯಾಸ ನಡೆಸಿದರು. ಶಿಕ್ಷಕರು ಯೋಗದ ಮಹತ್ವದ ಬಗ್ಗೆ ವಿವರಿಸಿದರು. ಶಿಕ್ಷಕ ವೃಂದದವರು ಸಹಕರಿಸಿದರು.
ವಿದ್ಯಾರ್ಥಿಗಳಿಗೆ ಯೋಗಾಭ್ಯಾಸದ ವಿವಿಧ ಭಂಗಿಗಳ ಪ್ರಾತ್ಯಕ್ಷಿಕೆ ನೀಡಲಾಯಿತು. ದೈಹಿಕ ಶಿಕ್ಷಕರು ಮಾರ್ಗದರ್ಶನ ನೀಡಿದರು. ಯೋಗ ದಿನಾಚರಣೆ ಅಂಗವಾಗಿ ವಿದ್ಯಾರ್ಥಿಗಳಿಗೆ ಸ್ಪರ್ಧೆಗಳನ್ನು ಆಯೋಜಿಸಲಾಗಿತ್ತು. ವಿಜೇತರಿಗೆ ಬಹುಮಾನ ವಿತರಿಸಲಾಯಿತು.
